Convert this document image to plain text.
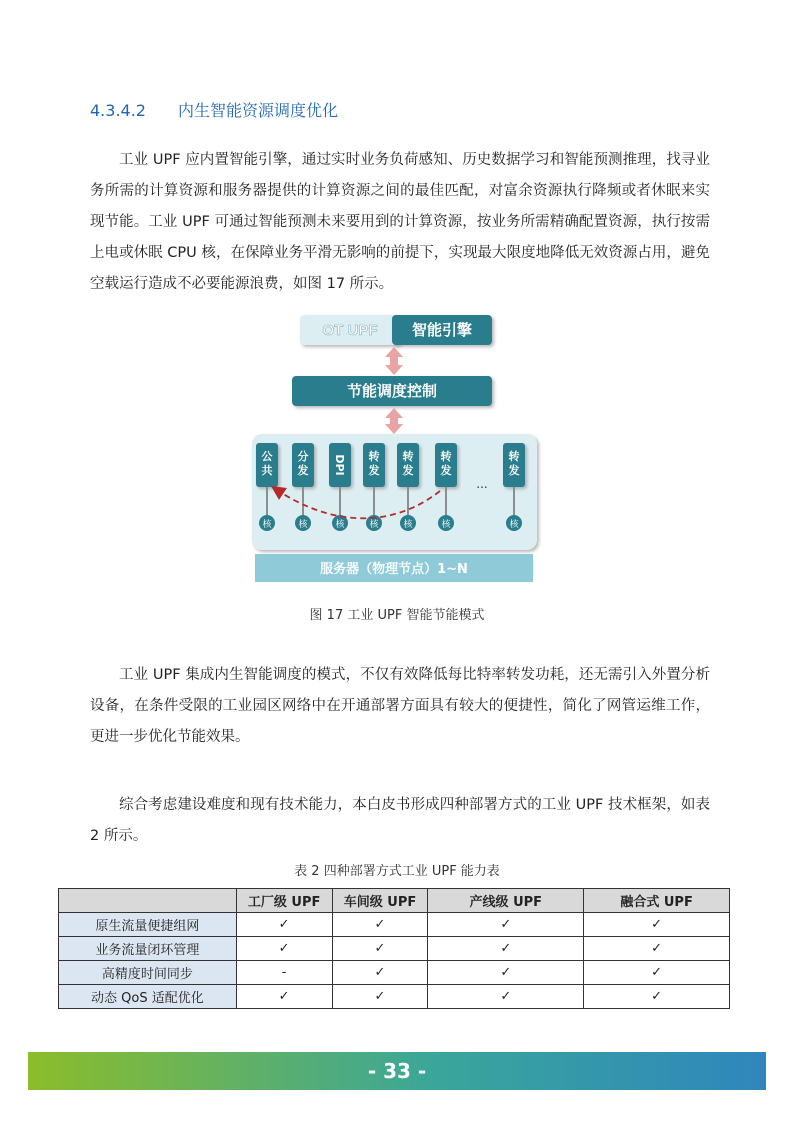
4.3.4.2 内生智能资源调度优化
工业 UPF 应内置智能引擎，通过实时业务负荷感知、历史数据学习和智能预测推理，找寻业务所需的计算资源和服务器提供的计算资源之间的最佳匹配，对富余资源执行降频或者休眠来实现节能。工业 UPF 可通过智能预测未来要用到的计算资源，按业务所需精确配置资源，执行按需上电或休眠 CPU 核，在保障业务平滑无影响的前提下，实现最大限度地降低无效资源占用，避免空载运行造成不必要能源浪费，如图 17 所示。
OT UPF 智能引擎
节能调度控制
公共
核
分发
核
DPI
核
转发
核
转发
核
转发
核
转发
核
...
服务器（物理节点）1~N
图 17 工业 UPF 智能节能模式
工业 UPF 集成内生智能调度的模式，不仅有效降低每比特率转发功耗，还无需引入外置分析设备，在条件受限的工业园区网络中在开通部署方面具有较大的便捷性，简化了网管运维工作，更进一步优化节能效果。
综合考虑建设难度和现有技术能力，本白皮书形成四种部署方式的工业 UPF 技术框架，如表 2 所示。
表 2 四种部署方式工业 UPF 能力表
	工厂级 UPF	车间级 UPF	产线级 UPF	融合式 UPF
原生流量便捷组网	✓	✓	✓	✓
业务流量闭环管理	✓	✓	✓	✓
高精度时间同步	-	✓	✓	✓
动态 QoS 适配优化	✓	✓	✓	✓
- 33 -
